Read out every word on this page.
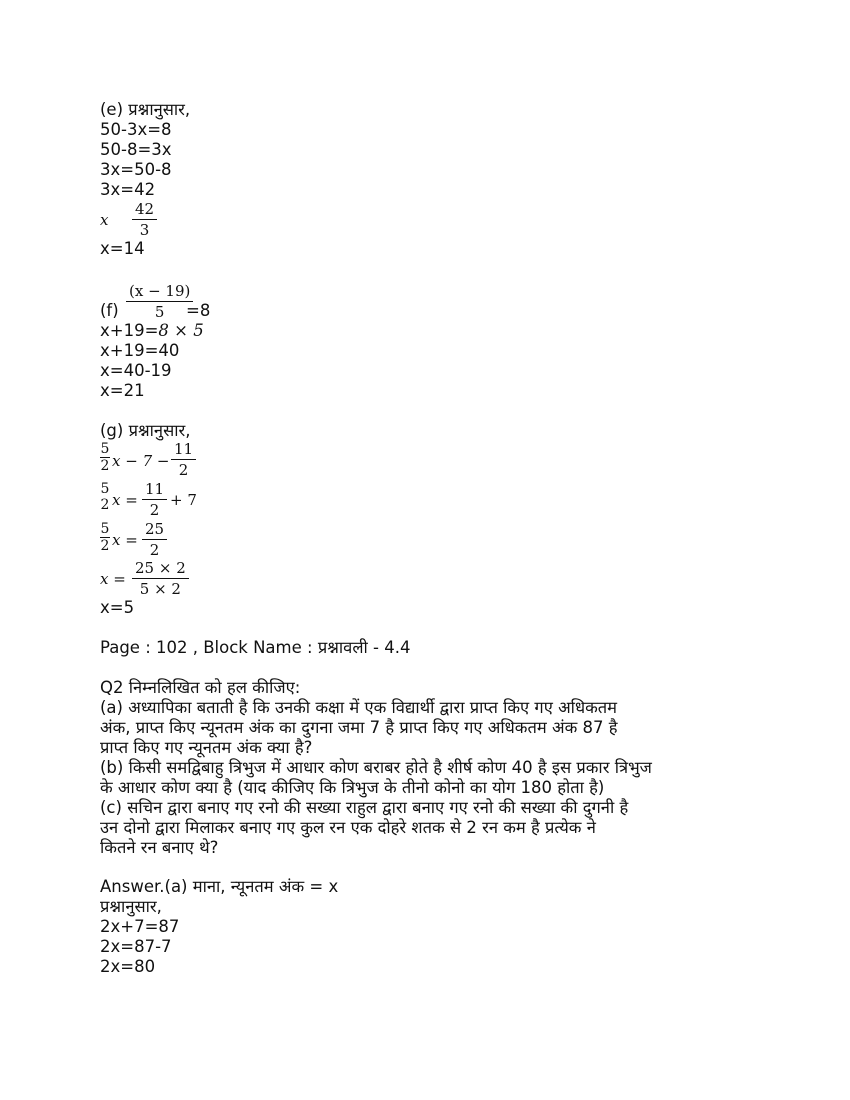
(e) प्रश्नानुसार,
50-3x=8
50-8=3x
3x=50-8
3x=42
x $\frac{42}{3}$
x=14
$\frac{(x - 19)}{5}$
(f)	=8
x+19=8 × 5
x+19=40
x=40-19
x=21
(g) प्रश्नानुसार,
$\frac{5}{2}$ $x - 7 - \frac{11}{2}$
5
2 $x = \frac{11}{2} + 7$
$\frac{5}{2}$ $x = \frac{25}{2}$
$x = \frac{25 \times 2}{5 \times 2}$
x=5
Page : 102 , Block Name : प्रश्नावली - 4.4
Q2 निम्नलिखित को हल कीजिए:
(a) अध्यापिका बताती है कि उनकी कक्षा में एक विद्यार्थी द्वारा प्राप्त किए गए अधिकतम
अंक, प्राप्त किए न्यूनतम अंक का दुगना जमा 7 है प्राप्त किए गए अधिकतम अंक 87 है
प्राप्त किए गए न्यूनतम अंक क्या है?
(b) किसी समद्विबाहु त्रिभुज में आधार कोण बराबर होते है शीर्ष कोण 40 है इस प्रकार त्रिभुज
के आधार कोण क्या है (याद कीजिए कि त्रिभुज के तीनो कोनो का योग 180 होता है)
(c) सचिन द्वारा बनाए गए रनो की सख्या राहुल द्वारा बनाए गए रनो की सख्या की दुगनी है
उन दोनो द्वारा मिलाकर बनाए गए कुल रन एक दोहरे शतक से 2 रन कम है प्रत्येक ने
कितने रन बनाए थे?
Answer.(a) माना, न्यूनतम अंक = x
प्रश्नानुसार,
2x+7=87
2x=87-7
2x=80
